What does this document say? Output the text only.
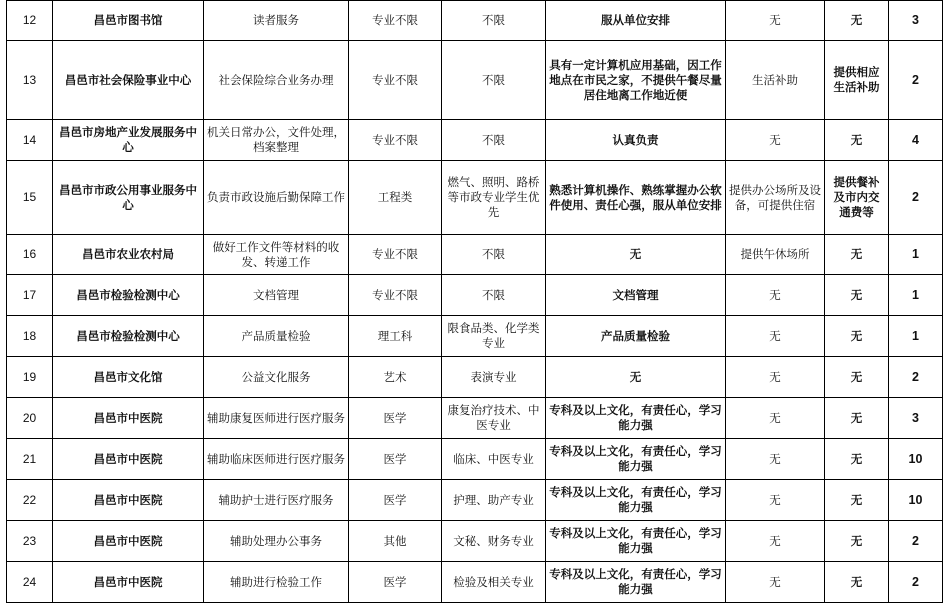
12	昌邑市图书馆	读者服务	专业不限	不限	服从单位安排	无	无	3
13	昌邑市社会保险事业中心	社会保险综合业务办理	专业不限	不限	具有一定计算机应用基础，因工作地点在市民之家，不提供午餐尽量居住地离工作地近便	生活补助	提供相应生活补助	2
14	昌邑市房地产业发展服务中心	机关日常办公，文件处理，档案整理	专业不限	不限	认真负责	无	无	4
15	昌邑市市政公用事业服务中心	负责市政设施后勤保障工作	工程类	燃气、照明、路桥等市政专业学生优先	熟悉计算机操作、熟练掌握办公软件使用、责任心强，服从单位安排	提供办公场所及设备，可提供住宿	提供餐补及市内交通费等	2
16	昌邑市农业农村局	做好工作文件等材料的收发、转递工作	专业不限	不限	无	提供午休场所	无	1
17	昌邑市检验检测中心	文档管理	专业不限	不限	文档管理	无	无	1
18	昌邑市检验检测中心	产品质量检验	理工科	限食品类、化学类专业	产品质量检验	无	无	1
19	昌邑市文化馆	公益文化服务	艺术	表演专业	无	无	无	2
20	昌邑市中医院	辅助康复医师进行医疗服务	医学	康复治疗技术、中医专业	专科及以上文化，有责任心，学习能力强	无	无	3
21	昌邑市中医院	辅助临床医师进行医疗服务	医学	临床、中医专业	专科及以上文化，有责任心，学习能力强	无	无	10
22	昌邑市中医院	辅助护士进行医疗服务	医学	护理、助产专业	专科及以上文化，有责任心，学习能力强	无	无	10
23	昌邑市中医院	辅助处理办公事务	其他	文秘、财务专业	专科及以上文化，有责任心，学习能力强	无	无	2
24	昌邑市中医院	辅助进行检验工作	医学	检验及相关专业	专科及以上文化，有责任心，学习能力强	无	无	2
